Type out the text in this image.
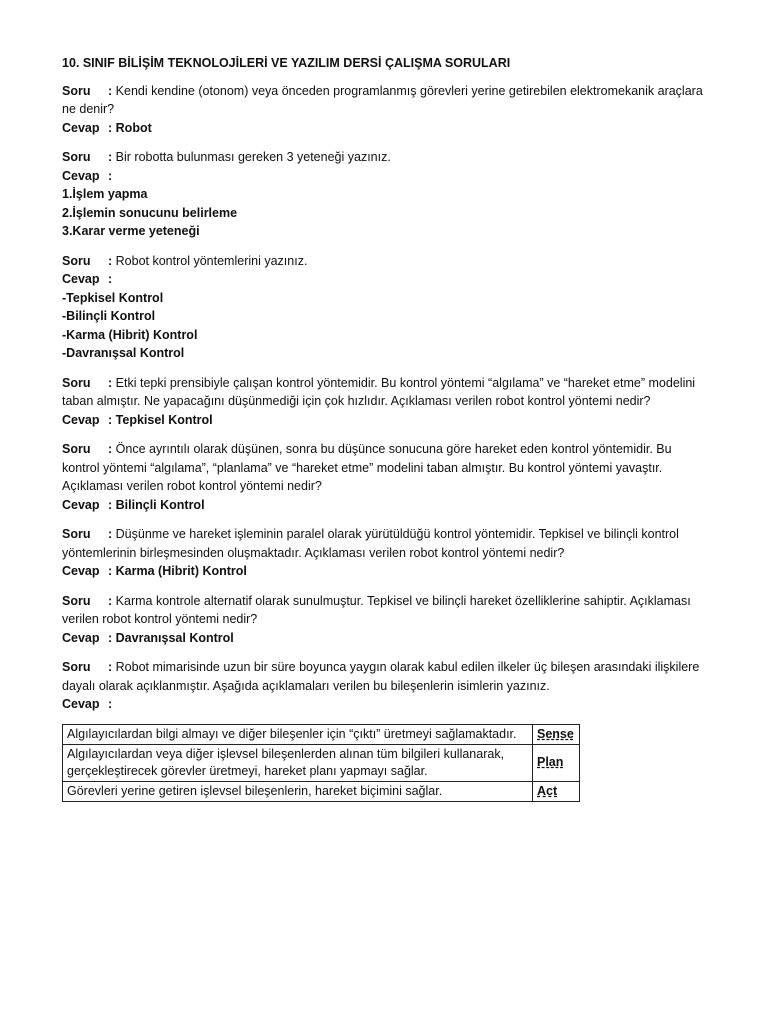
10. SINIF BİLİŞİM TEKNOLOJİLERİ VE YAZILIM DERSİ ÇALIŞMA SORULARI
Soru : Kendi kendine (otonom) veya önceden programlanmış görevleri yerine getirebilen elektromekanik araçlara ne denir?
Cevap : Robot
Soru : Bir robotta bulunması gereken 3 yeteneği yazınız.
Cevap :
1.İşlem yapma
2.İşlemin sonucunu belirleme
3.Karar verme yeteneği
Soru : Robot kontrol yöntemlerini yazınız.
Cevap :
-Tepkisel Kontrol
-Bilinçli Kontrol
-Karma (Hibrit) Kontrol
-Davranışsal Kontrol
Soru : Etki tepki prensibiyle çalışan kontrol yöntemidir. Bu kontrol yöntemi “algılama” ve “hareket etme” modelini taban almıştır. Ne yapacağını düşünmediği için çok hızlıdır. Açıklaması verilen robot kontrol yöntemi nedir?
Cevap : Tepkisel Kontrol
Soru : Önce ayrıntılı olarak düşünen, sonra bu düşünce sonucuna göre hareket eden kontrol yöntemidir. Bu kontrol yöntemi “algılama”, “planlama” ve “hareket etme” modelini taban almıştır. Bu kontrol yöntemi yavaştır. Açıklaması verilen robot kontrol yöntemi nedir?
Cevap : Bilinçli Kontrol
Soru : Düşünme ve hareket işleminin paralel olarak yürütüldüğü kontrol yöntemidir. Tepkisel ve bilinçli kontrol yöntemlerinin birleşmesinden oluşmaktadır. Açıklaması verilen robot kontrol yöntemi nedir?
Cevap : Karma (Hibrit) Kontrol
Soru : Karma kontrole alternatif olarak sunulmuştur. Tepkisel ve bilinçli hareket özelliklerine sahiptir. Açıklaması verilen robot kontrol yöntemi nedir?
Cevap : Davranışsal Kontrol
Soru : Robot mimarisinde uzun bir süre boyunca yaygın olarak kabul edilen ilkeler üç bileşen arasındaki ilişkilere dayalı olarak açıklanmıştır. Aşağıda açıklamaları verilen bu bileşenlerin isimlerin yazınız.
Cevap :
Algılayıcılardan bilgi almayı ve diğer bileşenler için “çıktı” üretmeyi sağlamaktadır.	Sense
Algılayıcılardan veya diğer işlevsel bileşenlerden alınan tüm bilgileri kullanarak, gerçekleştirecek görevler üretmeyi, hareket planı yapmayı sağlar.	Plan
Görevleri yerine getiren işlevsel bileşenlerin, hareket biçimini sağlar.	Act
